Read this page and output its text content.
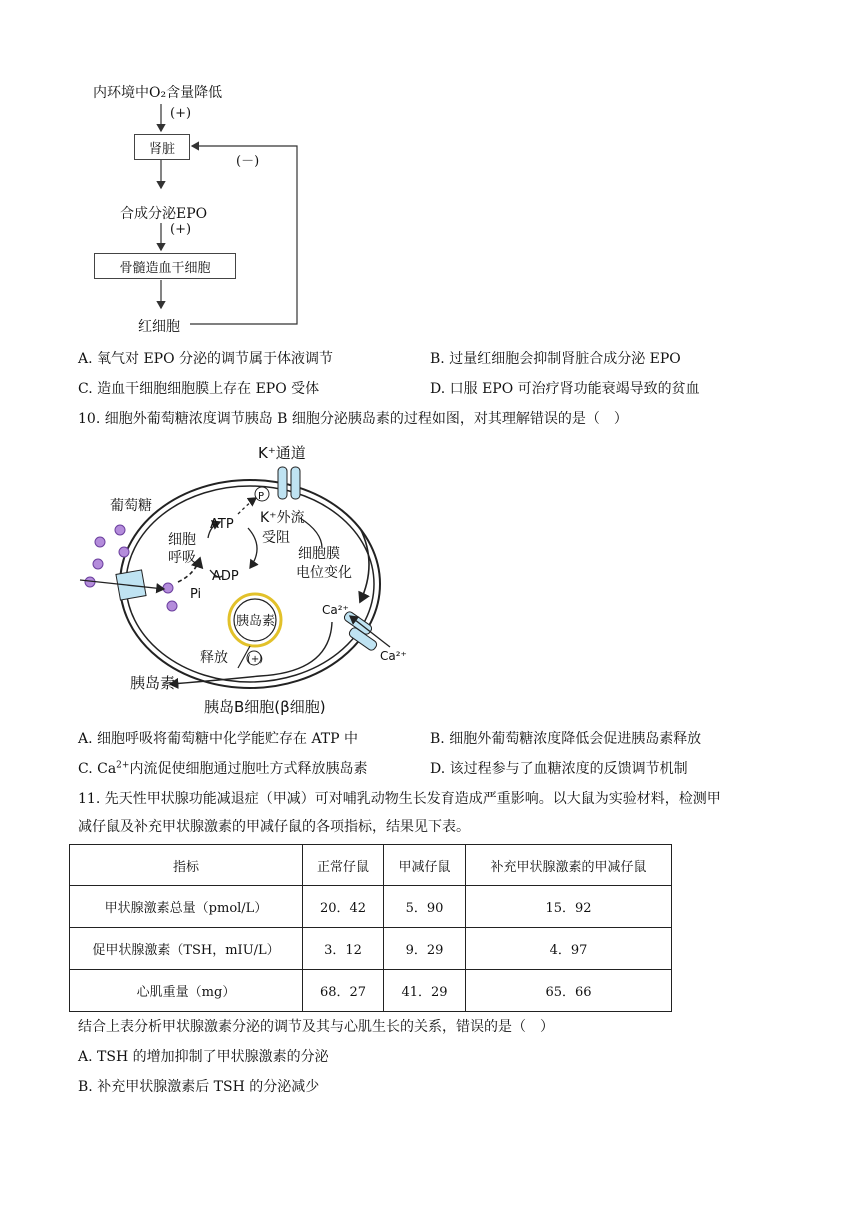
内环境中O₂含量降低
(+)
肾脏
(－)
合成分泌EPO
(+)
骨髓造血干细胞
红细胞
A. 氧气对 EPO 分泌的调节属于体液调节	B. 过量红细胞会抑制肾脏合成分泌 EPO
C. 造血干细胞细胞膜上存在 EPO 受体	D. 口服 EPO 可治疗肾功能衰竭导致的贫血
10. 细胞外葡萄糖浓度调节胰岛 B 细胞分泌胰岛素的过程如图，对其理解错误的是（　）
K⁺通道
葡萄糖
P
ATP
ADP
Pi
细胞
呼吸
K⁺外流
受阻
细胞膜
电位变化
Ca²⁺
Ca²⁺
胰岛素
释放 (+)
胰岛素
胰岛B细胞(β细胞)
A. 细胞呼吸将葡萄糖中化学能贮存在 ATP 中	B. 细胞外葡萄糖浓度降低会促进胰岛素释放
C. $Ca^{2+}$内流促使细胞通过胞吐方式释放胰岛素	D. 该过程参与了血糖浓度的反馈调节机制
11. 先天性甲状腺功能减退症（甲减）可对哺乳动物生长发育造成严重影响。以大鼠为实验材料，检测甲
减仔鼠及补充甲状腺激素的甲减仔鼠的各项指标，结果见下表。
指标	正常仔鼠	甲减仔鼠	补充甲状腺激素的甲减仔鼠
甲状腺激素总量（pmol/L）	20．42	5．90	15．92
促甲状腺激素（TSH，mIU/L）	3．12	9．29	4．97
心肌重量（mg）	68．27	41．29	65．66
结合上表分析甲状腺激素分泌的调节及其与心肌生长的关系，错误的是（　）
A. TSH 的增加抑制了甲状腺激素的分泌
B. 补充甲状腺激素后 TSH 的分泌减少
